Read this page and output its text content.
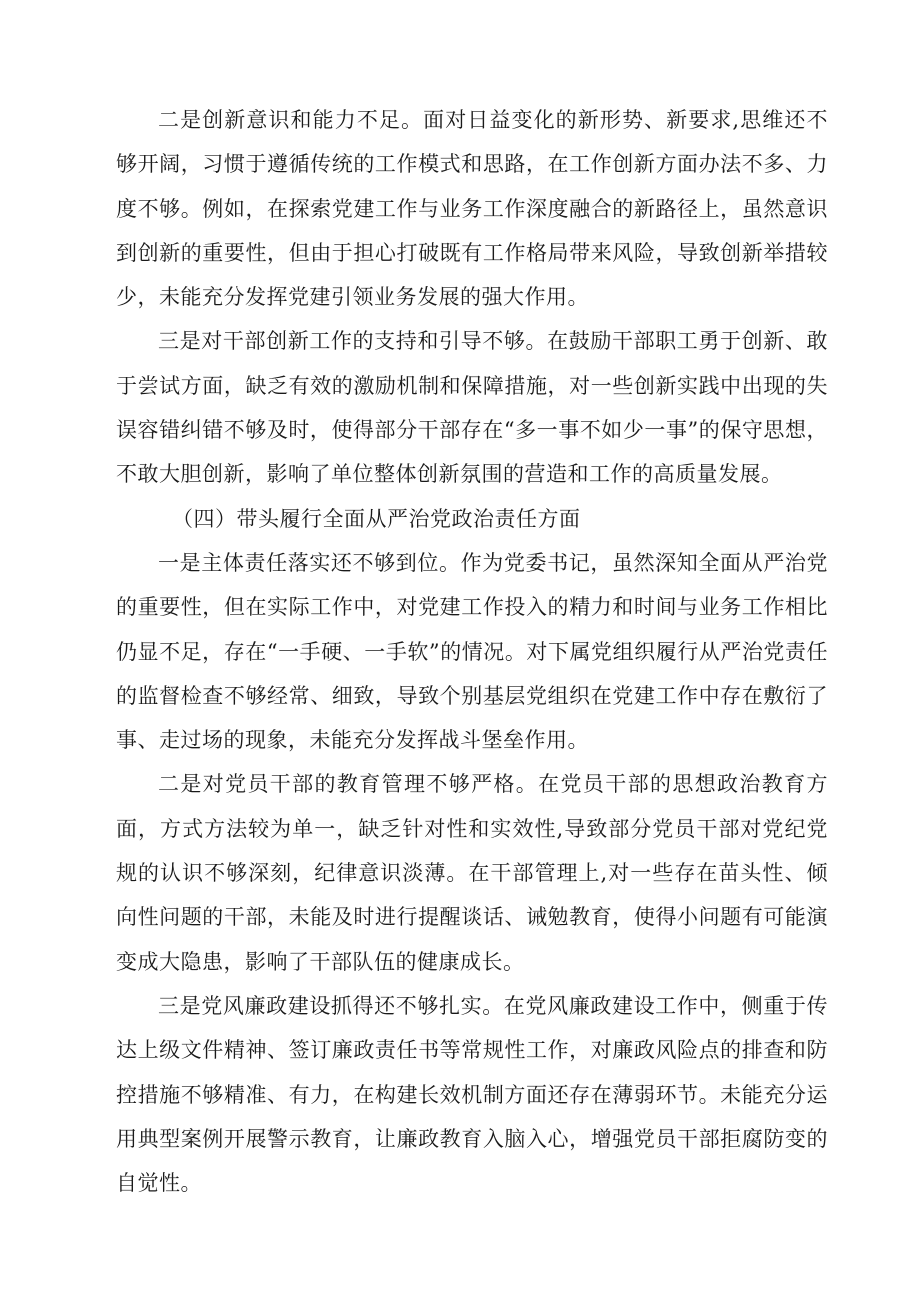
二是创新意识和能力不足。面对日益变化的新形势、新要求,思维还不够开阔，习惯于遵循传统的工作模式和思路，在工作创新方面办法不多、力度不够。例如，在探索党建工作与业务工作深度融合的新路径上，虽然意识到创新的重要性，但由于担心打破既有工作格局带来风险，导致创新举措较少，未能充分发挥党建引领业务发展的强大作用。

三是对干部创新工作的支持和引导不够。在鼓励干部职工勇于创新、敢于尝试方面，缺乏有效的激励机制和保障措施，对一些创新实践中出现的失误容错纠错不够及时，使得部分干部存在“多一事不如少一事”的保守思想，不敢大胆创新，影响了单位整体创新氛围的营造和工作的高质量发展。

（四）带头履行全面从严治党政治责任方面

一是主体责任落实还不够到位。作为党委书记，虽然深知全面从严治党的重要性，但在实际工作中，对党建工作投入的精力和时间与业务工作相比仍显不足，存在“一手硬、一手软”的情况。对下属党组织履行从严治党责任的监督检查不够经常、细致，导致个别基层党组织在党建工作中存在敷衍了事、走过场的现象，未能充分发挥战斗堡垒作用。

二是对党员干部的教育管理不够严格。在党员干部的思想政治教育方面，方式方法较为单一，缺乏针对性和实效性,导致部分党员干部对党纪党规的认识不够深刻，纪律意识淡薄。在干部管理上,对一些存在苗头性、倾向性问题的干部，未能及时进行提醒谈话、诫勉教育，使得小问题有可能演变成大隐患，影响了干部队伍的健康成长。

三是党风廉政建设抓得还不够扎实。在党风廉政建设工作中，侧重于传达上级文件精神、签订廉政责任书等常规性工作，对廉政风险点的排查和防控措施不够精准、有力，在构建长效机制方面还存在薄弱环节。未能充分运用典型案例开展警示教育，让廉政教育入脑入心，增强党员干部拒腐防变的自觉性。
